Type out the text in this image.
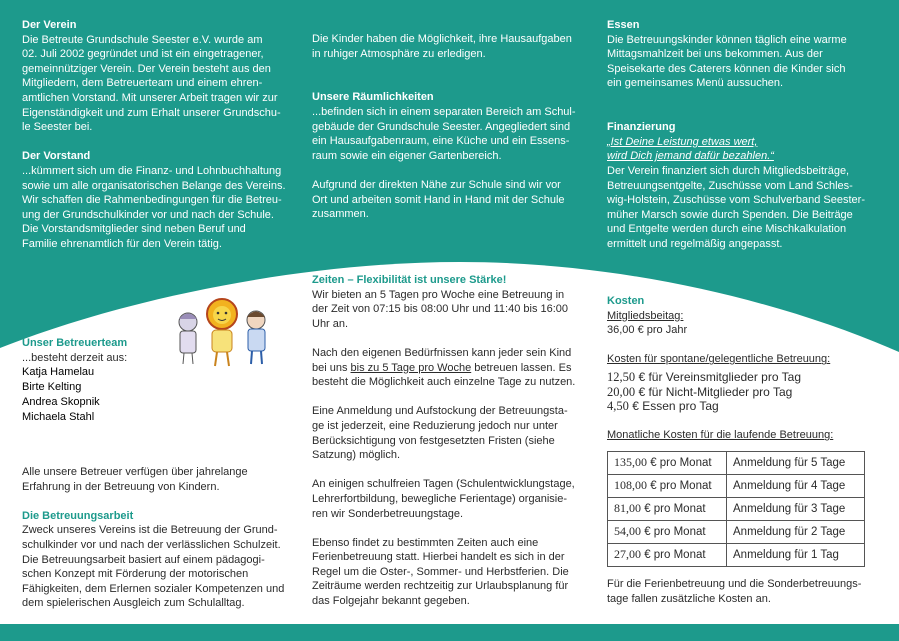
Der Verein

Die Betreute Grundschule Seester e.V. wurde am

02. Juli 2002 gegründet und ist ein eingetragener,

gemeinnütziger Verein. Der Verein besteht aus den

Mitgliedern, dem Betreuerteam und einem ehren-

amtlichen Vorstand. Mit unserer Arbeit tragen wir zur

Eigenständigkeit und zum Erhalt unserer Grundschu-

le Seester bei.

Der Vorstand

...kümmert sich um die Finanz- und Lohnbuchhaltung

sowie um alle organisatorischen Belange des Vereins.

Wir schaffen die Rahmenbedingungen für die Betreu-

ung der Grundschulkinder vor und nach der Schule.

Die Vorstandsmitglieder sind neben Beruf und

Familie ehrenamtlich für den Verein tätig.

Die Kinder haben die Möglichkeit, ihre Hausaufgaben

in ruhiger Atmosphäre zu erledigen.

Unsere Räumlichkeiten

...befinden sich in einem separaten Bereich am Schul-

gebäude der Grundschule Seester. Angegliedert sind

ein Hausaufgabenraum, eine Küche und ein Essens-

raum sowie ein eigener Gartenbereich.

Aufgrund der direkten Nähe zur Schule sind wir vor

Ort und arbeiten somit Hand in Hand mit der Schule

zusammen.

Essen

Die Betreuungskinder können täglich eine warme

Mittagsmahlzeit bei uns bekommen. Aus der

Speisekarte des Caterers können die Kinder sich

ein gemeinsames Menü aussuchen.

Finanzierung

„Ist Deine Leistung etwas wert,

wird Dich jemand dafür bezahlen.“

Der Verein finanziert sich durch Mitgliedsbeiträge,

Betreuungsentgelte, Zuschüsse vom Land Schles-

wig-Holstein, Zuschüsse vom Schulverband Seester-

müher Marsch sowie durch Spenden. Die Beiträge

und Entgelte werden durch eine Mischkalkulation

ermittelt und regelmäßig angepasst.

Unser Betreuerteam

...besteht derzeit aus:

Katja Hamelau

Birte Kelting

Andrea Skopnik

Michaela Stahl

Alle unsere Betreuer verfügen über jahrelange

Erfahrung in der Betreuung von Kindern.

Die Betreuungsarbeit

Zweck unseres Vereins ist die Betreuung der Grund-

schulkinder vor und nach der verlässlichen Schulzeit.

Die Betreuungsarbeit basiert auf einem pädagogi-

schen Konzept mit Förderung der motorischen

Fähigkeiten, dem Erlernen sozialer Kompetenzen und

dem spielerischen Ausgleich zum Schulalltag.

Zeiten – Flexibilität ist unsere Stärke!

Wir bieten an 5 Tagen pro Woche eine Betreuung in

der Zeit von 07:15 bis 08:00 Uhr und 11:40 bis 16:00

Uhr an.

Nach den eigenen Bedürfnissen kann jeder sein Kind

bei uns bis zu 5 Tage pro Woche betreuen lassen. Es

besteht die Möglichkeit auch einzelne Tage zu nutzen.

Eine Anmeldung und Aufstockung der Betreuungsta-

ge ist jederzeit, eine Reduzierung jedoch nur unter

Berücksichtigung von festgesetzten Fristen (siehe

Satzung) möglich.

An einigen schulfreien Tagen (Schulentwicklungstage,

Lehrerfortbildung, bewegliche Ferientage) organisie-

ren wir Sonderbetreuungstage.

Ebenso findet zu bestimmten Zeiten auch eine

Ferienbetreuung statt. Hierbei handelt es sich in der

Regel um die Oster-, Sommer- und Herbstferien. Die

Zeiträume werden rechtzeitig zur Urlaubsplanung für

das Folgejahr bekannt gegeben.

Kosten

Mitgliedsbeitag:

36,00 € pro Jahr

Kosten für spontane/gelegentliche Betreuung:

12,50 € für Vereinsmitglieder pro Tag

20,00 € für Nicht-Mitglieder pro Tag

4,50 € Essen pro Tag

Monatliche Kosten für die laufende Betreuung:

135,00 € pro Monat	Anmeldung für 5 Tage
108,00 € pro Monat	Anmeldung für 4 Tage
81,00 € pro Monat	Anmeldung für 3 Tage
54,00 € pro Monat	Anmeldung für 2 Tage
27,00 € pro Monat	Anmeldung für 1 Tag

Für die Ferienbetreuung und die Sonderbetreuungs-

tage fallen zusätzliche Kosten an.
